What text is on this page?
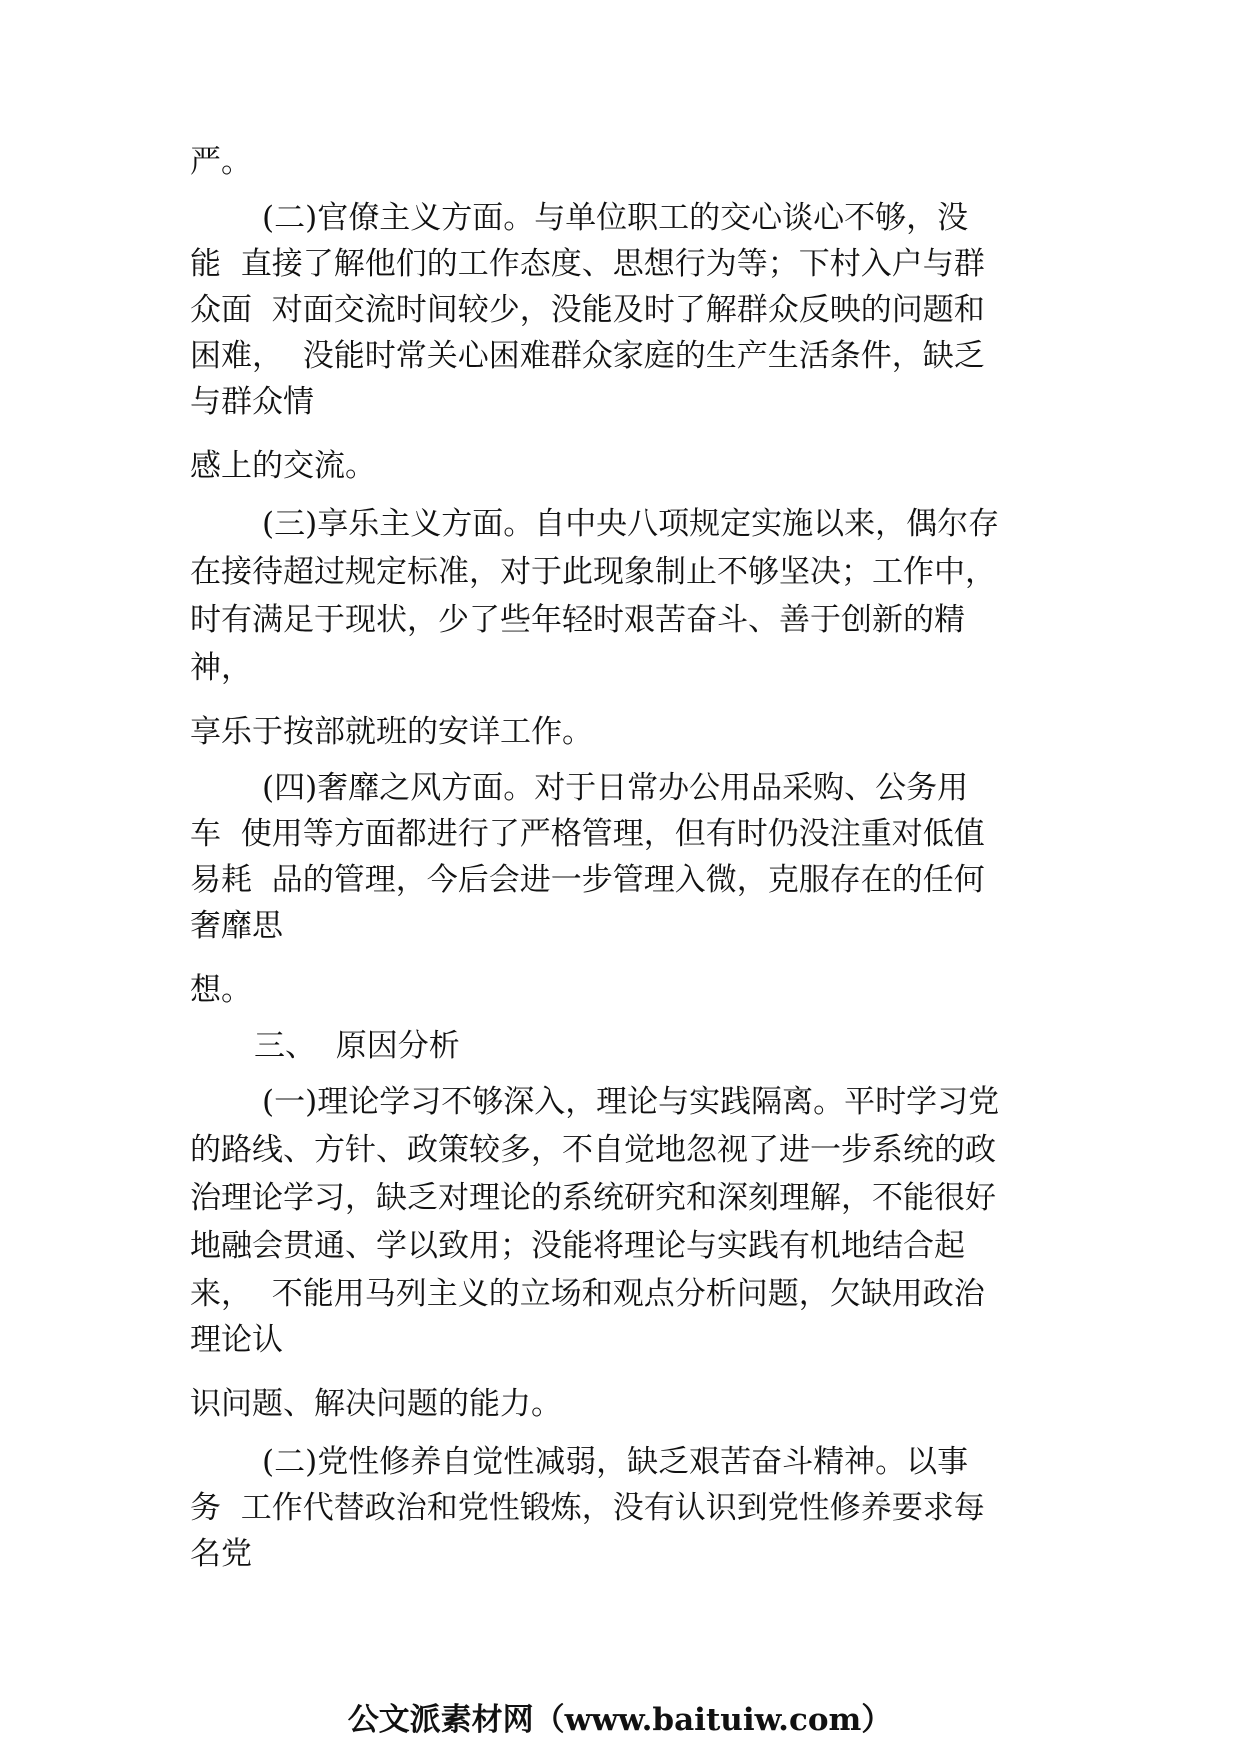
严。

(二)官僚主义方面。与单位职工的交心谈心不够，没

能  直接了解他们的工作态度、思想行为等；下村入户与群

众面  对面交流时间较少，没能及时了解群众反映的问题和

困难，  没能时常关心困难群众家庭的生产生活条件，缺乏

与群众情

感上的交流。

(三)享乐主义方面。自中央八项规定实施以来，偶尔存

在接待超过规定标准，对于此现象制止不够坚决；工作中，

时有满足于现状，少了些年轻时艰苦奋斗、善于创新的精

神，

享乐于按部就班的安详工作。

(四)奢靡之风方面。对于日常办公用品采购、公务用

车  使用等方面都进行了严格管理，但有时仍没注重对低值

易耗  品的管理，今后会进一步管理入微，克服存在的任何

奢靡思

想。

三、  原因分析

(一)理论学习不够深入，理论与实践隔离。平时学习党

的路线、方针、政策较多，不自觉地忽视了进一步系统的政

治理论学习，缺乏对理论的系统研究和深刻理解，不能很好

地融会贯通、学以致用；没能将理论与实践有机地结合起

来，  不能用马列主义的立场和观点分析问题，欠缺用政治

理论认

识问题、解决问题的能力。

(二)党性修养自觉性减弱，缺乏艰苦奋斗精神。以事

务  工作代替政治和党性锻炼，没有认识到党性修养要求每

名党

公文派素材网（www.baituiw.com）
